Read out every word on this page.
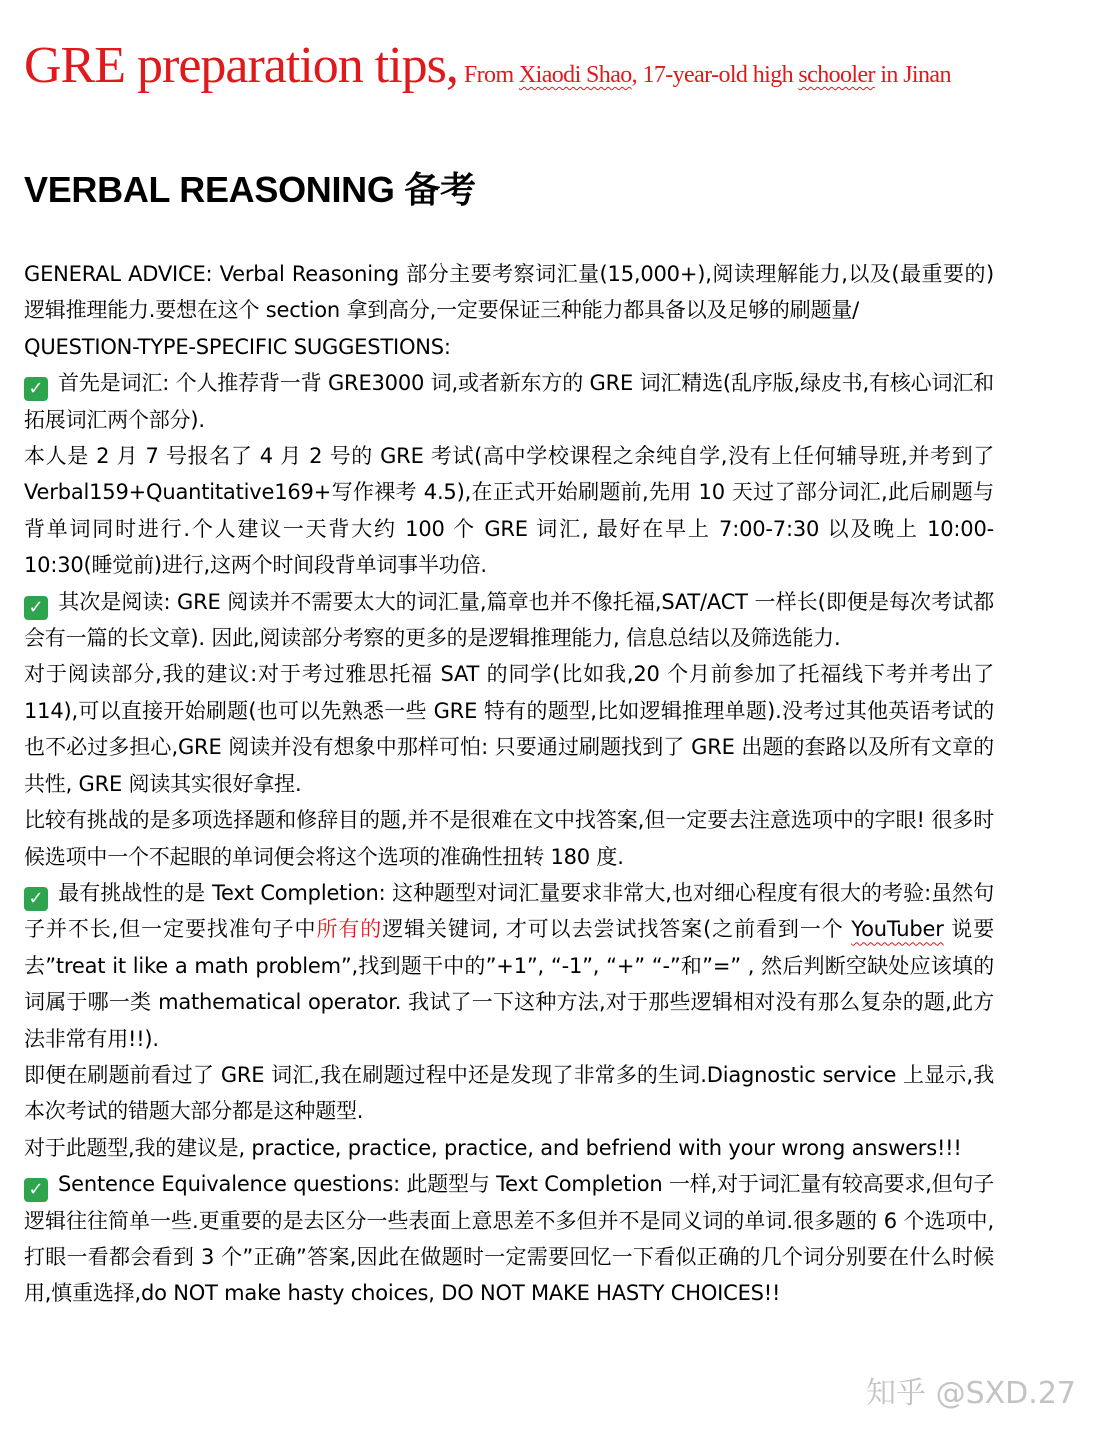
GRE preparation tips, From Xiaodi Shao, 17-year-old high schooler in Jinan
VERBAL REASONING 备考

GENERAL ADVICE: Verbal Reasoning 部分主要考察词汇量(15,000+),阅读理解能力,以及(最重要的)逻辑推理能力.要想在这个 section 拿到高分,一定要保证三种能力都具备以及足够的刷题量/

QUESTION-TYPE-SPECIFIC SUGGESTIONS:

✓ 首先是词汇: 个人推荐背一背 GRE3000 词,或者新东方的 GRE 词汇精选(乱序版,绿皮书,有核心词汇和拓展词汇两个部分).

本人是 2 月 7 号报名了 4 月 2 号的 GRE 考试(高中学校课程之余纯自学,没有上任何辅导班,并考到了 Verbal159+Quantitative169+写作裸考 4.5),在正式开始刷题前,先用 10 天过了部分词汇,此后刷题与背单词同时进行.个人建议一天背大约 100 个 GRE 词汇, 最好在早上 7:00-7:30 以及晚上 10:00-10:30(睡觉前)进行,这两个时间段背单词事半功倍.

✓ 其次是阅读: GRE 阅读并不需要太大的词汇量,篇章也并不像托福,SAT/ACT 一样长(即便是每次考试都会有一篇的长文章). 因此,阅读部分考察的更多的是逻辑推理能力, 信息总结以及筛选能力.

对于阅读部分,我的建议:对于考过雅思托福 SAT 的同学(比如我,20 个月前参加了托福线下考并考出了 114),可以直接开始刷题(也可以先熟悉一些 GRE 特有的题型,比如逻辑推理单题).没考过其他英语考试的也不必过多担心,GRE 阅读并没有想象中那样可怕: 只要通过刷题找到了 GRE 出题的套路以及所有文章的共性, GRE 阅读其实很好拿捏.

比较有挑战的是多项选择题和修辞目的题,并不是很难在文中找答案,但一定要去注意选项中的字眼! 很多时候选项中一个不起眼的单词便会将这个选项的准确性扭转 180 度.

✓ 最有挑战性的是 Text Completion: 这种题型对词汇量要求非常大,也对细心程度有很大的考验:虽然句子并不长,但一定要找准句子中所有的逻辑关键词, 才可以去尝试找答案(之前看到一个 YouTuber 说要去”treat it like a math problem”,找到题干中的”+1”, “-1”, “+” “-”和”=” , 然后判断空缺处应该填的词属于哪一类 mathematical operator. 我试了一下这种方法,对于那些逻辑相对没有那么复杂的题,此方法非常有用!!).

即便在刷题前看过了 GRE 词汇,我在刷题过程中还是发现了非常多的生词.Diagnostic service 上显示,我本次考试的错题大部分都是这种题型.

对于此题型,我的建议是, practice, practice, practice, and befriend with your wrong answers!!!

✓ Sentence Equivalence questions: 此题型与 Text Completion 一样,对于词汇量有较高要求,但句子逻辑往往简单一些.更重要的是去区分一些表面上意思差不多但并不是同义词的单词.很多题的 6 个选项中,打眼一看都会看到 3 个”正确”答案,因此在做题时一定需要回忆一下看似正确的几个词分别要在什么时候用,慎重选择,do NOT make hasty choices, DO NOT MAKE HASTY CHOICES!!

知乎 @SXD.27
